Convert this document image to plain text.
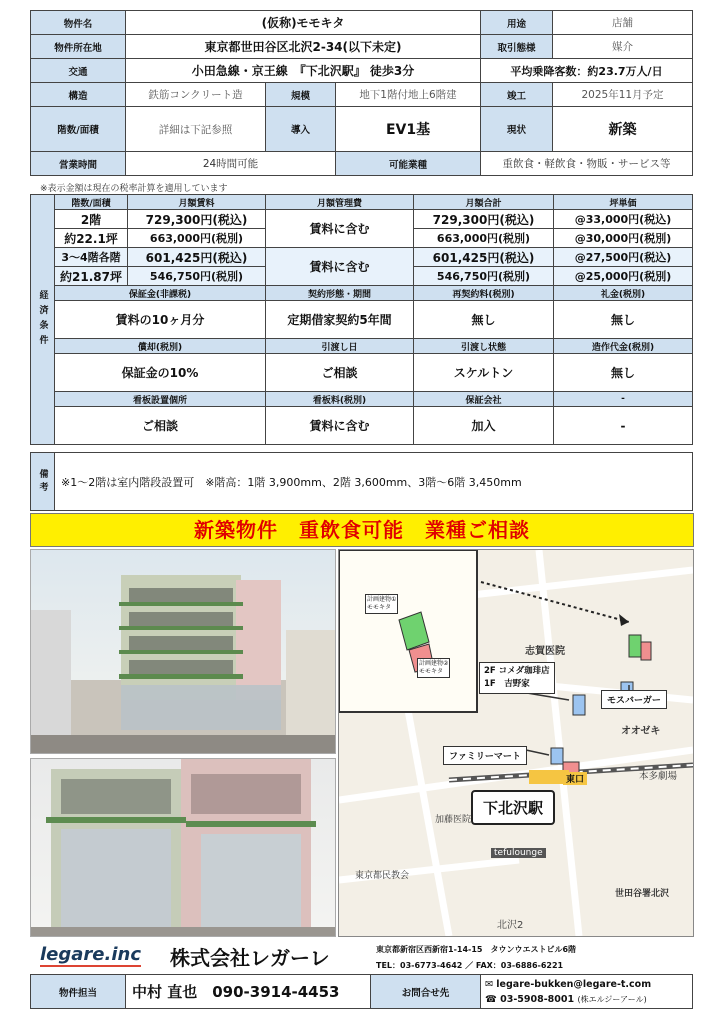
物件名	(仮称)モモキタ			用途	店舗
物件所在地	東京都世田谷区北沢2-34(以下未定)			取引態様	媒介
交通	小田急線・京王線　『下北沢駅』 徒歩3分			平均乗降客数：約23.7万人/日	
構造	鉄筋コンクリート造	規模	地下1階付地上6階建	竣工	2025年11月予定
階数/面積	詳細は下記参照	導入	EV1基	現状	新築
営業時間	24時間可能		可能業種	重飲食・軽飲食・物販・サービス等	
※表示金額は現在の税率計算を適用しています
経済条件	階数/面積	月額賃料	月額管理費	月額合計	坪単価
	2階	729,300円(税込)	賃料に含む	729,300円(税込)	@33,000円(税込)
	約22.1坪	663,000円(税別)		663,000円(税別)	@30,000円(税別)
	3～4階各階	601,425円(税込)	賃料に含む	601,425円(税込)	@27,500円(税込)
	約21.87坪	546,750円(税別)		546,750円(税別)	@25,000円(税別)
	保証金(非課税)		契約形態・期間	再契約料(税別)	礼金(税別)
	賃料の10ヶ月分		定期借家契約5年間	無し	無し
	償却(税別)		引渡し日	引渡し状態	造作代金(税別)
	保証金の10%		ご相談	スケルトン	無し
	看板設置個所		看板料(税別)	保証会社	-
	ご相談		賃料に含む	加入	-
備考	※1～2階は室内階段設置可　※階高：1階 3,900mm、2階 3,600mm、3階～6階 3,450mm
新築物件　重飲食可能　業種ご相談
計画建物①
モモキタ
計画建物②
モモキタ
志賀医院
2F コメダ珈琲店
1F　吉野家
モスバーガー
オオゼキ
ファミリーマート
東口	本多劇場
下北沢駅
加藤医院
tefulounge
東京都民教会
世田谷署北沢
北沢2
legare.inc 株式会社レガーレ	東京都新宿区西新宿1-14-15　タウンウエストビル6階
TEL：03-6773-4642 ／ FAX：03-6886-6221
物件担当	中村 直也　090-3914-4453	お問合せ先	
✉ legare-bukken@legare-t.com
☎ 03-5908-8001 (株エルジーアール)
